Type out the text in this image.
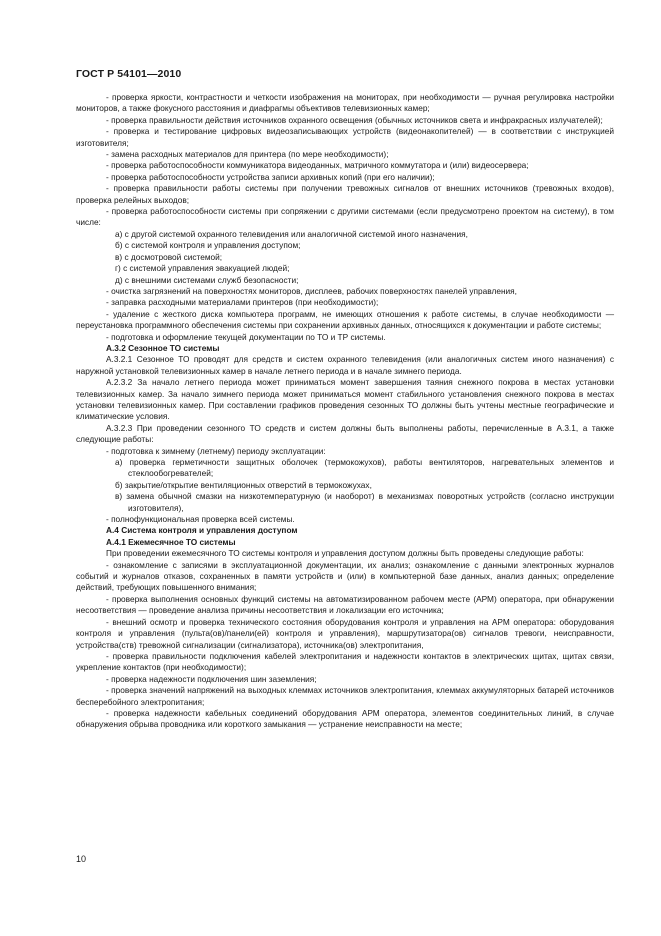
ГОСТ Р 54101—2010

- проверка яркости, контрастности и четкости изображения на мониторах, при необходимости — ручная регулировка настройки мониторов, а также фокусного расстояния и диафрагмы объективов телевизионных камер;

- проверка правильности действия источников охранного освещения (обычных источников света и инфракрасных излучателей);

- проверка и тестирование цифровых видеозаписывающих устройств (видеонакопителей) — в соответствии с инструкцией изготовителя;

- замена расходных материалов для принтера (по мере необходимости);

- проверка работоспособности коммуникатора видеоданных, матричного коммутатора и (или) видеосервера;

- проверка работоспособности устройства записи архивных копий (при его наличии);

- проверка правильности работы системы при получении тревожных сигналов от внешних источников (тревожных входов), проверка релейных выходов;

- проверка работоспособности системы при сопряжении с другими системами (если предусмотрено проектом на систему), в том числе:

а) с другой системой охранного телевидения или аналогичной системой иного назначения,

б) с системой контроля и управления доступом;

в) с досмотровой системой;

г) с системой управления эвакуацией людей;

д) с внешними системами служб безопасности;

- очистка загрязнений на поверхностях мониторов, дисплеев, рабочих поверхностях панелей управления,

- заправка расходными материалами принтеров (при необходимости);

- удаление с жесткого диска компьютера программ, не имеющих отношения к работе системы, в случае необходимости — переустановка программного обеспечения системы при сохранении архивных данных, относящихся к документации и работе системы;

- подготовка и оформление текущей документации по ТО и ТР системы.

А.3.2 Сезонное ТО системы

А.3.2.1 Сезонное ТО проводят для средств и систем охранного телевидения (или аналогичных систем иного назначения) с наружной установкой телевизионных камер в начале летнего периода и в начале зимнего периода.

А.2.3.2 За начало летнего периода может приниматься момент завершения таяния снежного покрова в местах установки телевизионных камер. За начало зимнего периода может приниматься момент стабильного установления снежного покрова в местах установки телевизионных камер. При составлении графиков проведения сезонных ТО должны быть учтены местные географические и климатические условия.

А.3.2.3 При проведении сезонного ТО средств и систем должны быть выполнены работы, перечисленные в А.3.1, а также следующие работы:

- подготовка к зимнему (летнему) периоду эксплуатации:

а) проверка герметичности защитных оболочек (термокожухов), работы вентиляторов, нагревательных элементов и стеклообогревателей;

б) закрытие/открытие вентиляционных отверстий в термокожухах,

в) замена обычной смазки на низкотемпературную (и наоборот) в механизмах поворотных устройств (согласно инструкции изготовителя),

- полнофункциональная проверка всей системы.

А.4 Система контроля и управления доступом

А.4.1 Ежемесячное ТО системы

При проведении ежемесячного ТО системы контроля и управления доступом должны быть проведены следующие работы:

- ознакомление с записями в эксплуатационной документации, их анализ; ознакомление с данными электронных журналов событий и журналов отказов, сохраненных в памяти устройств и (или) в компьютерной базе данных, анализ данных; определение действий, требующих повышенного внимания;

- проверка выполнения основных функций системы на автоматизированном рабочем месте (АРМ) оператора, при обнаружении несоответствия — проведение анализа причины несоответствия и локализации его источника;

- внешний осмотр и проверка технического состояния оборудования контроля и управления на АРМ оператора: оборудования контроля и управления (пульта(ов)/панели(ей) контроля и управления), маршрутизатора(ов) сигналов тревоги, неисправности, устройства(ств) тревожной сигнализации (сигнализатора), источника(ов) электропитания,

- проверка правильности подключения кабелей электропитания и надежности контактов в электрических щитах, щитах связи, укрепление контактов (при необходимости);

- проверка надежности подключения шин заземления;

- проверка значений напряжений на выходных клеммах источников электропитания, клеммах аккумуляторных батарей источников бесперебойного электропитания;

- проверка надежности кабельных соединений оборудования АРМ оператора, элементов соединительных линий, в случае обнаружения обрыва проводника или короткого замыкания — устранение неисправности на месте;

10
